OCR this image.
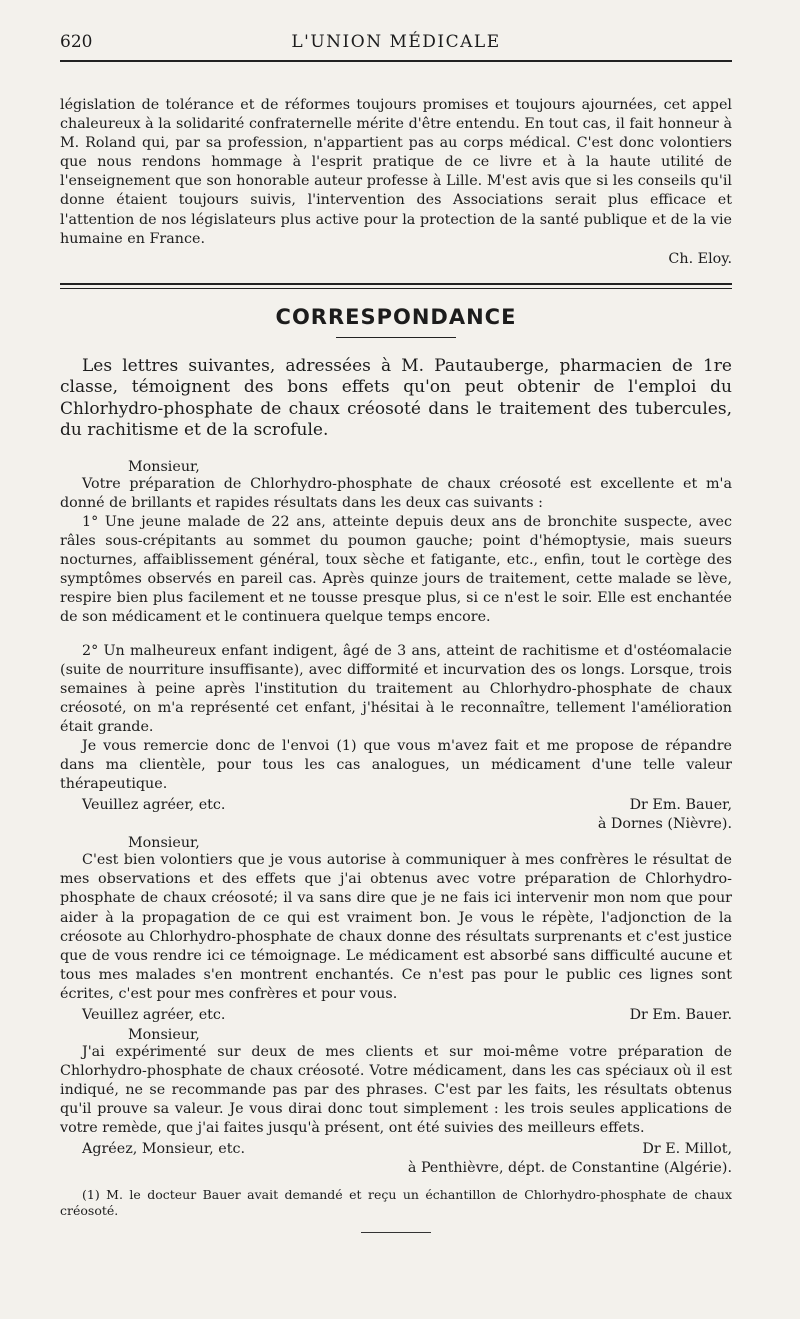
620	L'UNION MÉDICALE

législation de tolérance et de réformes toujours promises et toujours ajournées, cet appel chaleureux à la solidarité confraternelle mérite d'être entendu. En tout cas, il fait honneur à M. Roland qui, par sa profession, n'appartient pas au corps médical. C'est donc volontiers que nous rendons hommage à l'esprit pratique de ce livre et à la haute utilité de l'enseignement que son honorable auteur professe à Lille. M'est avis que si les conseils qu'il donne étaient toujours suivis, l'intervention des Associations serait plus efficace et l'attention de nos législateurs plus active pour la protection de la santé publique et de la vie humaine en France.

Ch. Eloy.
CORRESPONDANCE

Les lettres suivantes, adressées à M. Pautauberge, pharmacien de 1re classe, témoignent des bons effets qu'on peut obtenir de l'emploi du Chlorhydro-phosphate de chaux créosoté dans le traitement des tubercules, du rachitisme et de la scrofule.

Monsieur,

Votre préparation de Chlorhydro-phosphate de chaux créosoté est excellente et m'a donné de brillants et rapides résultats dans les deux cas suivants :

1° Une jeune malade de 22 ans, atteinte depuis deux ans de bronchite suspecte, avec râles sous-crépitants au sommet du poumon gauche; point d'hémoptysie, mais sueurs nocturnes, affaiblissement général, toux sèche et fatigante, etc., enfin, tout le cortège des symptômes observés en pareil cas. Après quinze jours de traitement, cette malade se lève, respire bien plus facilement et ne tousse presque plus, si ce n'est le soir. Elle est enchantée de son médicament et le continuera quelque temps encore.

2° Un malheureux enfant indigent, âgé de 3 ans, atteint de rachitisme et d'ostéomalacie (suite de nourriture insuffisante), avec difformité et incurvation des os longs. Lorsque, trois semaines à peine après l'institution du traitement au Chlorhydro-phosphate de chaux créosoté, on m'a représenté cet enfant, j'hésitai à le reconnaître, tellement l'amélioration était grande.

Je vous remercie donc de l'envoi (1) que vous m'avez fait et me propose de répandre dans ma clientèle, pour tous les cas analogues, un médicament d'une telle valeur thérapeutique.

Veuillez agréer, etc.	Dr Em. Bauer,
à Dornes (Nièvre).
Monsieur,

C'est bien volontiers que je vous autorise à communiquer à mes confrères le résultat de mes observations et des effets que j'ai obtenus avec votre préparation de Chlorhydro-phosphate de chaux créosoté; il va sans dire que je ne fais ici intervenir mon nom que pour aider à la propagation de ce qui est vraiment bon. Je vous le répète, l'adjonction de la créosote au Chlorhydro-phosphate de chaux donne des résultats surprenants et c'est justice que de vous rendre ici ce témoignage. Le médicament est absorbé sans difficulté aucune et tous mes malades s'en montrent enchantés. Ce n'est pas pour le public ces lignes sont écrites, c'est pour mes confrères et pour vous.

Veuillez agréer, etc.	Dr Em. Bauer.
Monsieur,

J'ai expérimenté sur deux de mes clients et sur moi-même votre préparation de Chlorhydro-phosphate de chaux créosoté. Votre médicament, dans les cas spéciaux où il est indiqué, ne se recommande pas par des phrases. C'est par les faits, les résultats obtenus qu'il prouve sa valeur. Je vous dirai donc tout simplement : les trois seules applications de votre remède, que j'ai faites jusqu'à présent, ont été suivies des meilleurs effets.

Agréez, Monsieur, etc.	Dr E. Millot,
à Penthièvre, dépt. de Constantine (Algérie).

(1) M. le docteur Bauer avait demandé et reçu un échantillon de Chlorhydro-phosphate de chaux créosoté.
